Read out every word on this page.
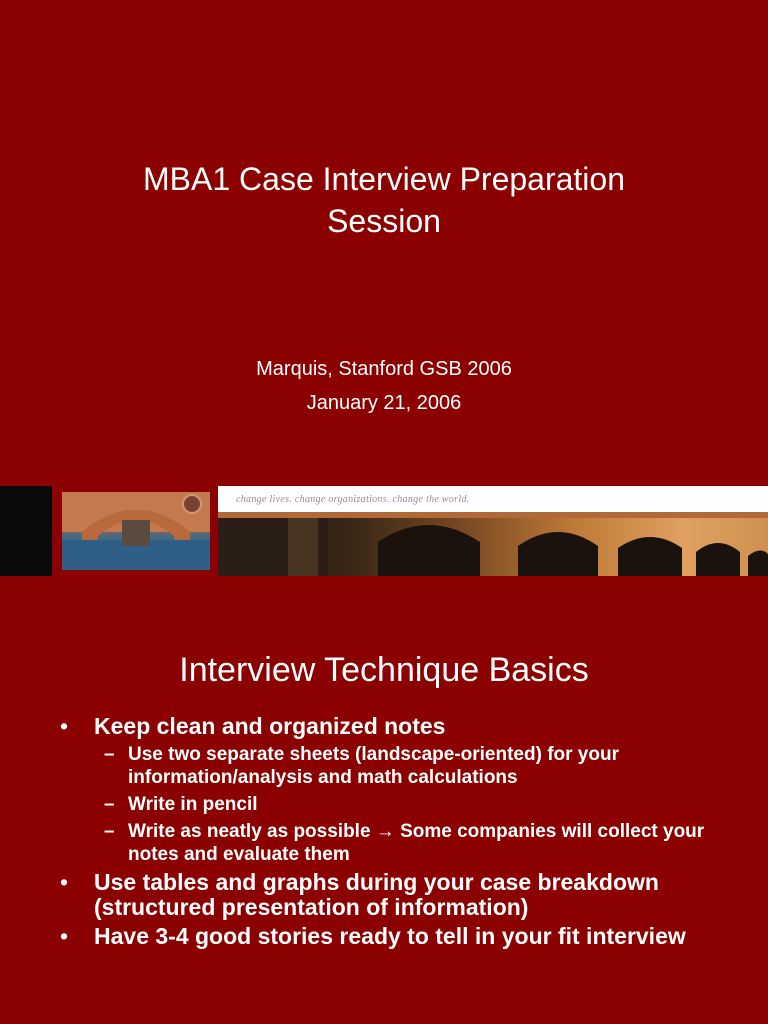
MBA1 Case Interview Preparation
Session
Marquis, Stanford GSB 2006
January 21, 2006
change lives. change organizations. change the world.
Interview Technique Basics
• Keep clean and organized notes
– Use two separate sheets (landscape-oriented) for your information/analysis and math calculations
– Write in pencil
– Write as neatly as possible → Some companies will collect your notes and evaluate them
• Use tables and graphs during your case breakdown (structured presentation of information)
• Have 3-4 good stories ready to tell in your fit interview
